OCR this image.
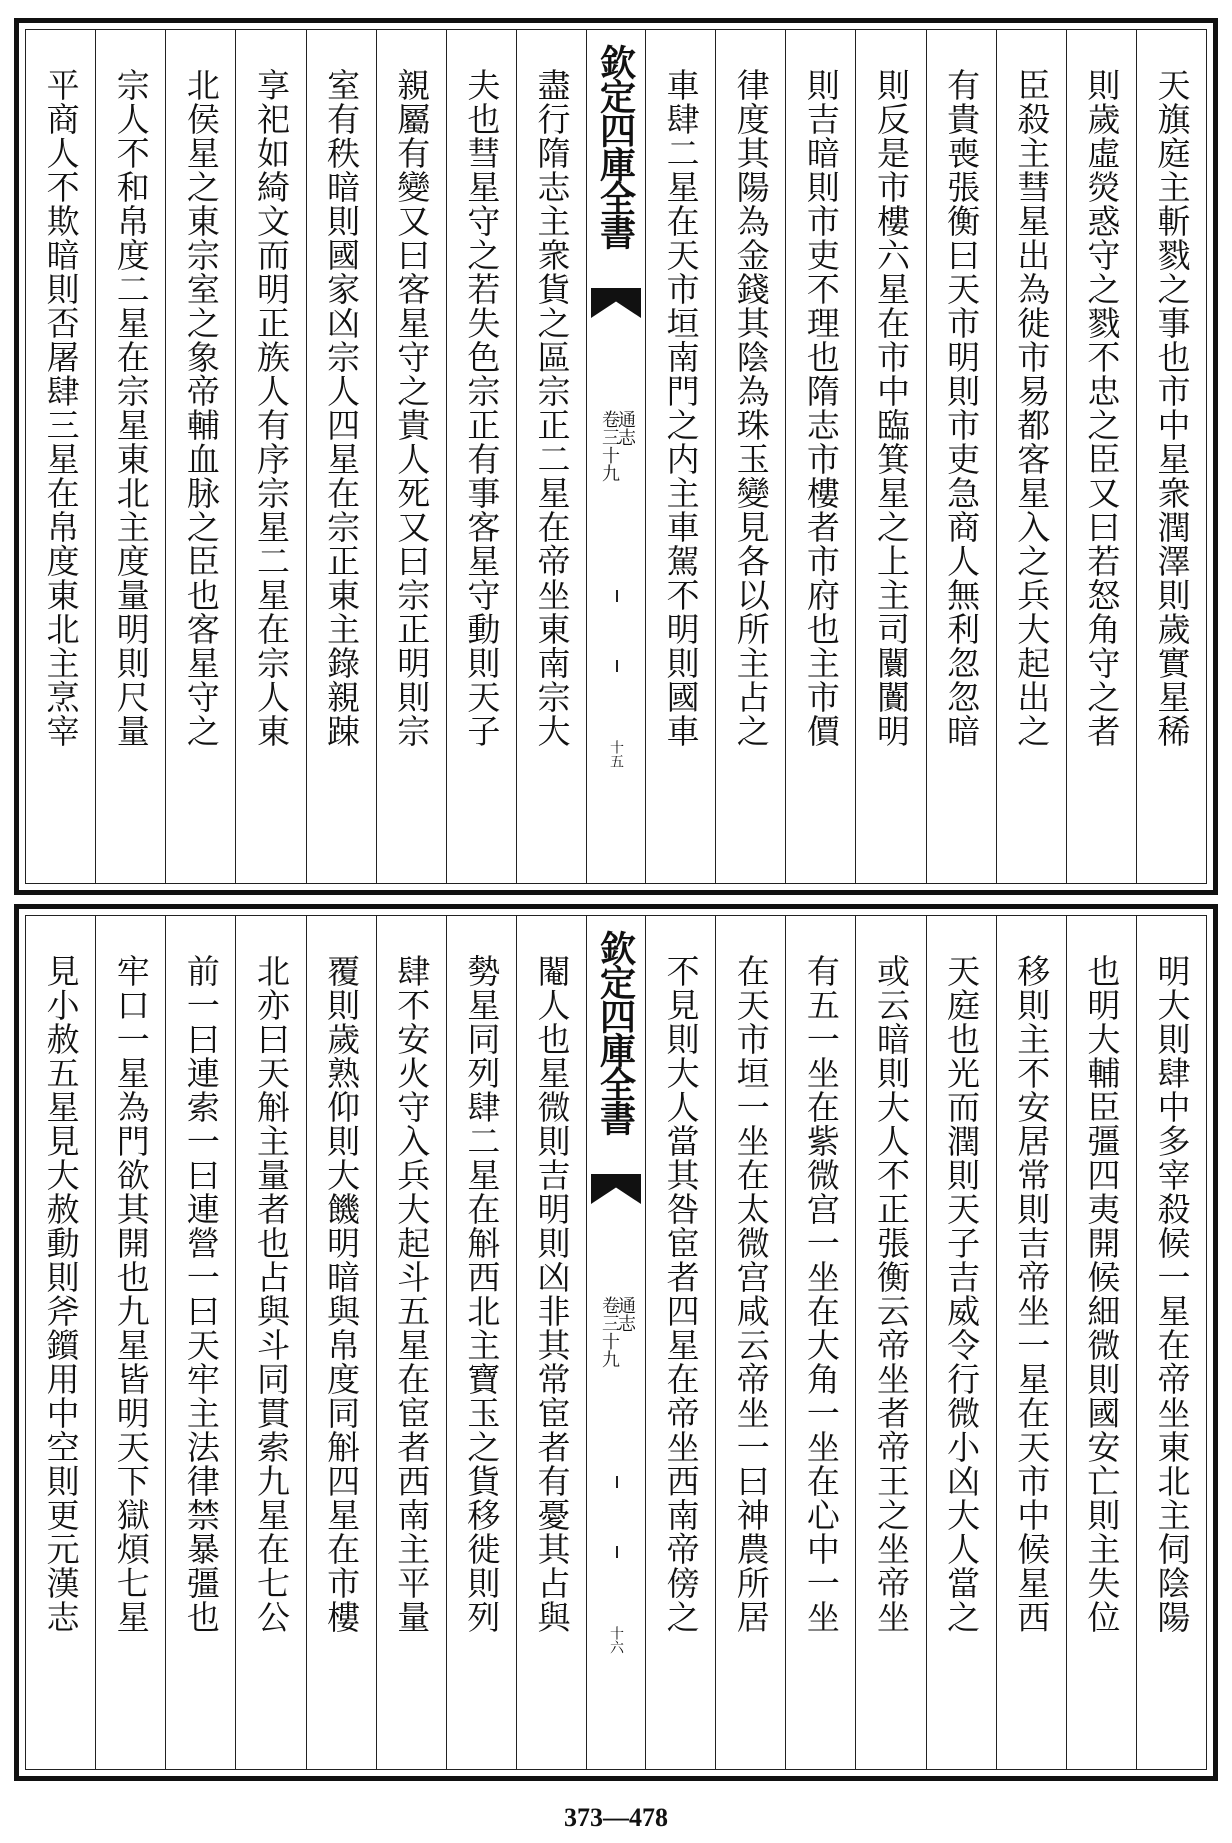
天旗庭主斬戮之事也市中星衆潤澤則歲實星稀
則歲虛熒惑守之戮不忠之臣又曰若怒角守之者
臣殺主彗星出為徙市易都客星入之兵大起出之
有貴喪張衡曰天市明則市吏急商人無利忽忽暗
則反是市樓六星在市中臨箕星之上主司闤闠明
則吉暗則市吏不理也隋志市樓者市府也主市價
律度其陽為金錢其陰為珠玉變見各以所主占之
車肆二星在天市垣南門之内主車駕不明則國車
欽定四庫全書
通志
卷三十九
十五
盡行隋志主衆貨之區宗正二星在帝坐東南宗大
夫也彗星守之若失色宗正有事客星守動則天子
親屬有變又曰客星守之貴人死又曰宗正明則宗
室有秩暗則國家凶宗人四星在宗正東主錄親踈
享祀如綺文而明正族人有序宗星二星在宗人東
北侯星之東宗室之象帝輔血脉之臣也客星守之
宗人不和帛度二星在宗星東北主度量明則尺量
平商人不欺暗則否屠肆三星在帛度東北主烹宰
明大則肆中多宰殺候一星在帝坐東北主伺陰陽
也明大輔臣彊四夷開候細微則國安亡則主失位
移則主不安居常則吉帝坐一星在天市中候星西
天庭也光而潤則天子吉威令行微小凶大人當之
或云暗則大人不正張衡云帝坐者帝王之坐帝坐
有五一坐在紫微宫一坐在大角一坐在心中一坐
在天市垣一坐在太微宫咸云帝坐一曰神農所居
不見則大人當其咎宦者四星在帝坐西南帝傍之
欽定四庫全書
通志
卷三十九
十六
閹人也星微則吉明則凶非其常宦者有憂其占與
勢星同列肆二星在斛西北主寶玉之貨移徙則列
肆不安火守入兵大起斗五星在宦者西南主平量
覆則歲熟仰則大饑明暗與帛度同斛四星在市樓
北亦曰天斛主量者也占與斗同貫索九星在七公
前一曰連索一曰連營一曰天牢主法律禁暴彊也
牢口一星為門欲其開也九星皆明天下獄煩七星
見小赦五星見大赦動則斧鑕用中空則更元漢志
373—478
